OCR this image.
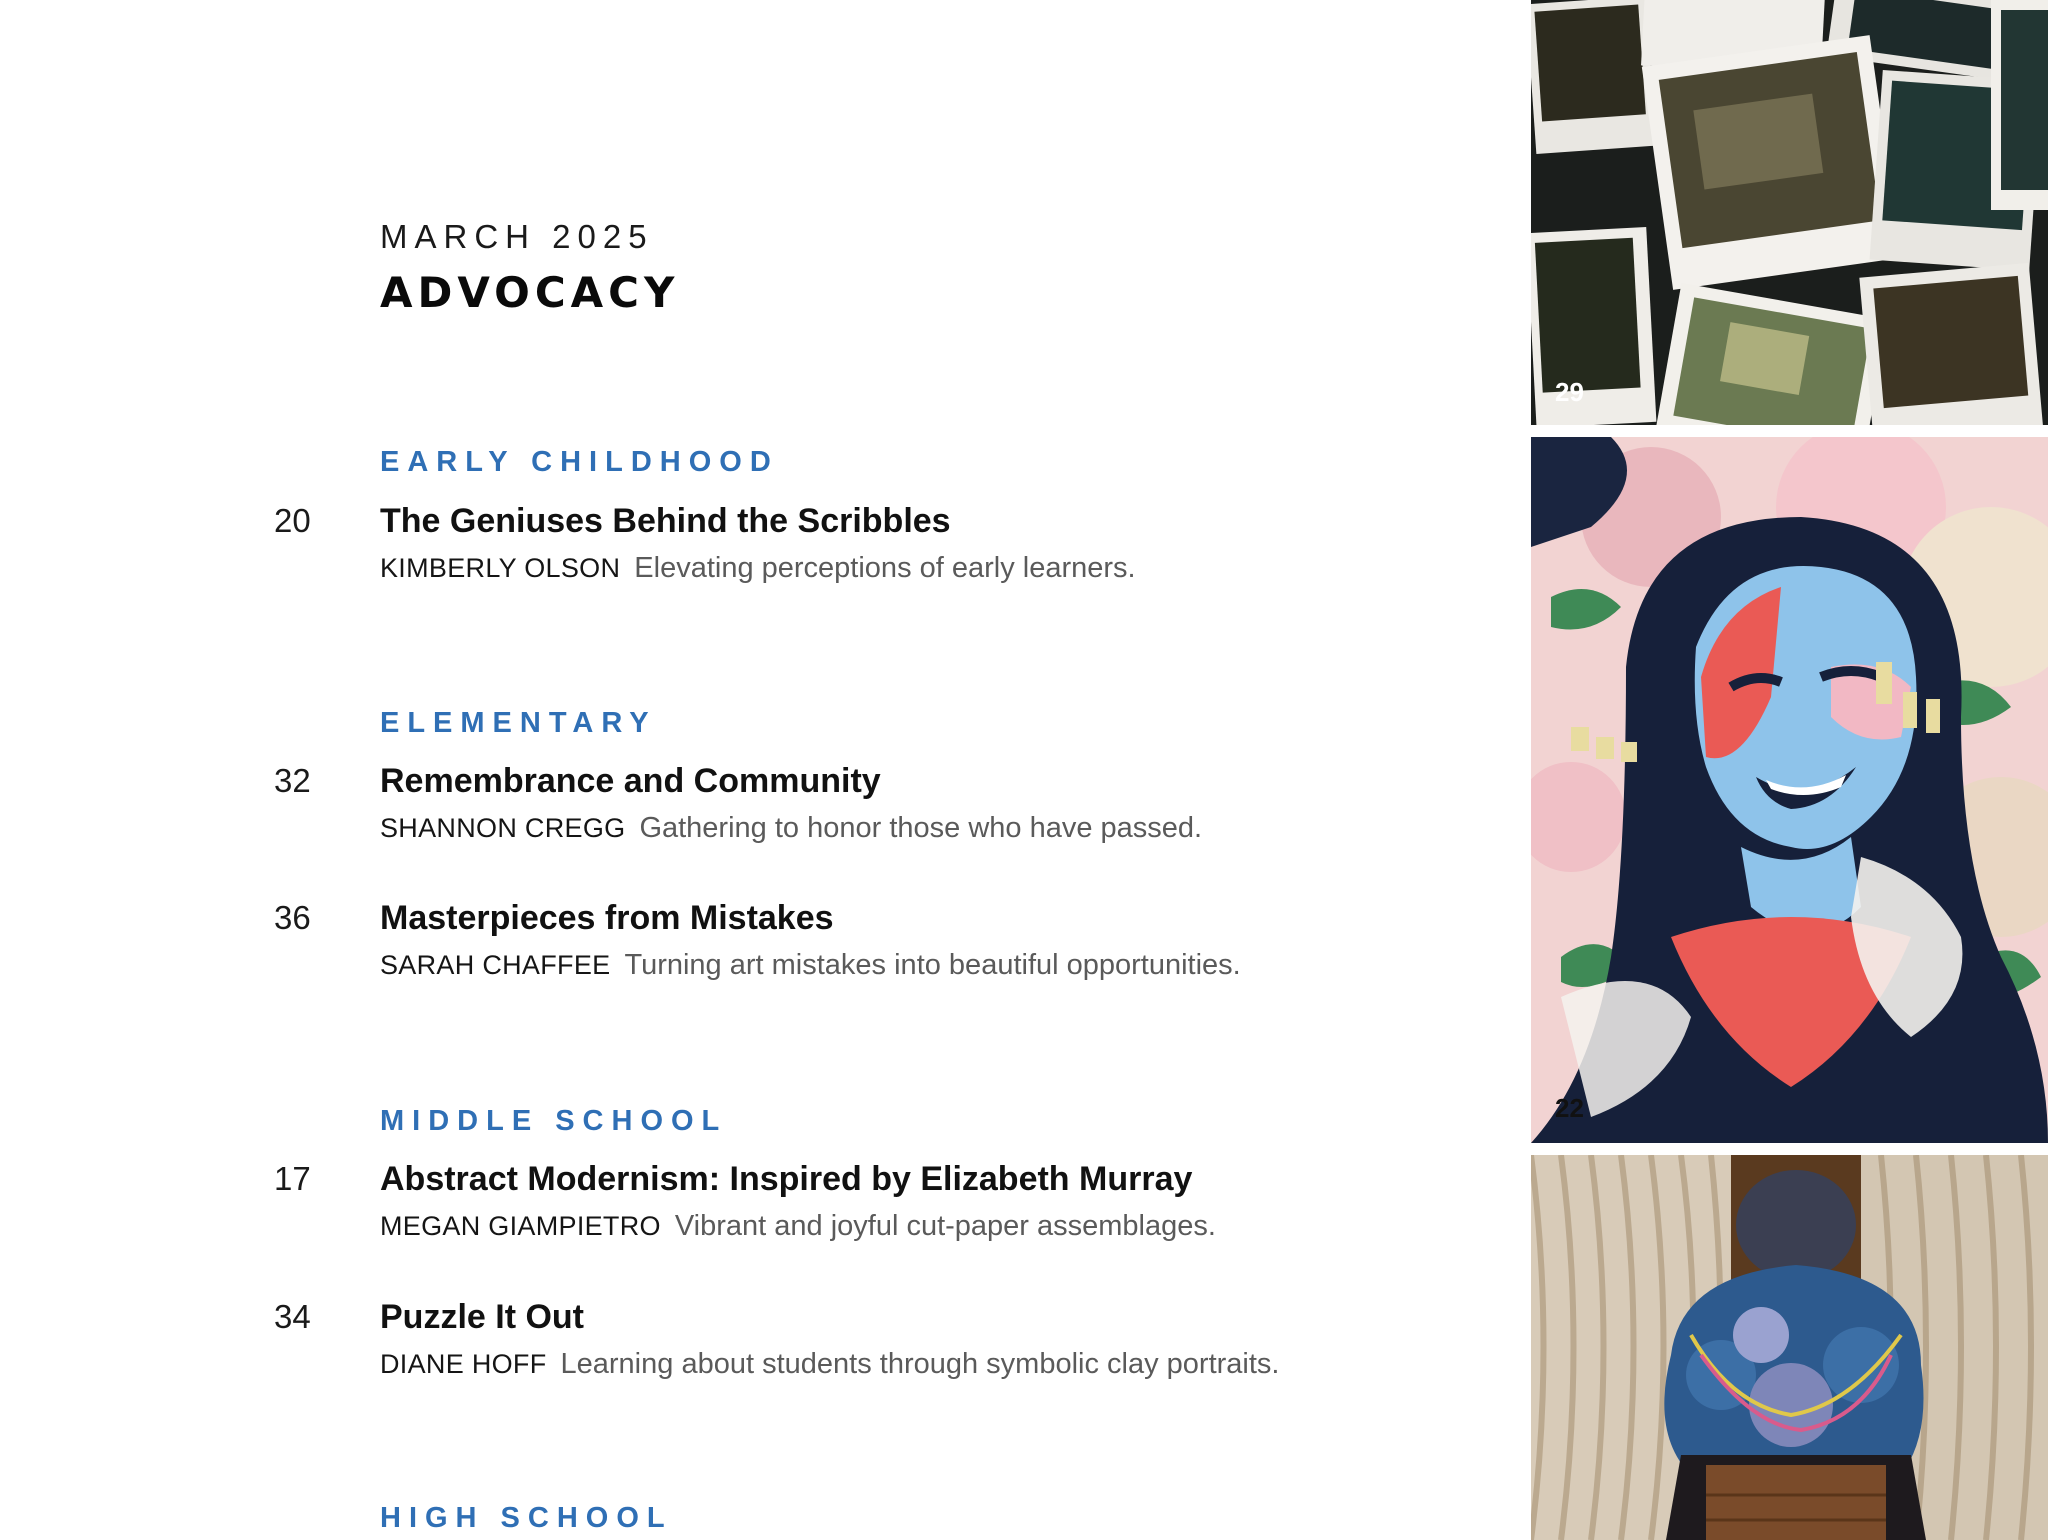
MARCH 2025
ADVOCACY
EARLY CHILDHOOD
20 The Geniuses Behind the Scribbles
KIMBERLY OLSON Elevating perceptions of early learners.
ELEMENTARY
32 Remembrance and Community
SHANNON CREGG Gathering to honor those who have passed.
36 Masterpieces from Mistakes
SARAH CHAFFEE Turning art mistakes into beautiful opportunities.
MIDDLE SCHOOL
17 Abstract Modernism: Inspired by Elizabeth Murray
MEGAN GIAMPIETRO Vibrant and joyful cut-paper assemblages.
34 Puzzle It Out
DIANE HOFF Learning about students through symbolic clay portraits.
HIGH SCHOOL
29
22
